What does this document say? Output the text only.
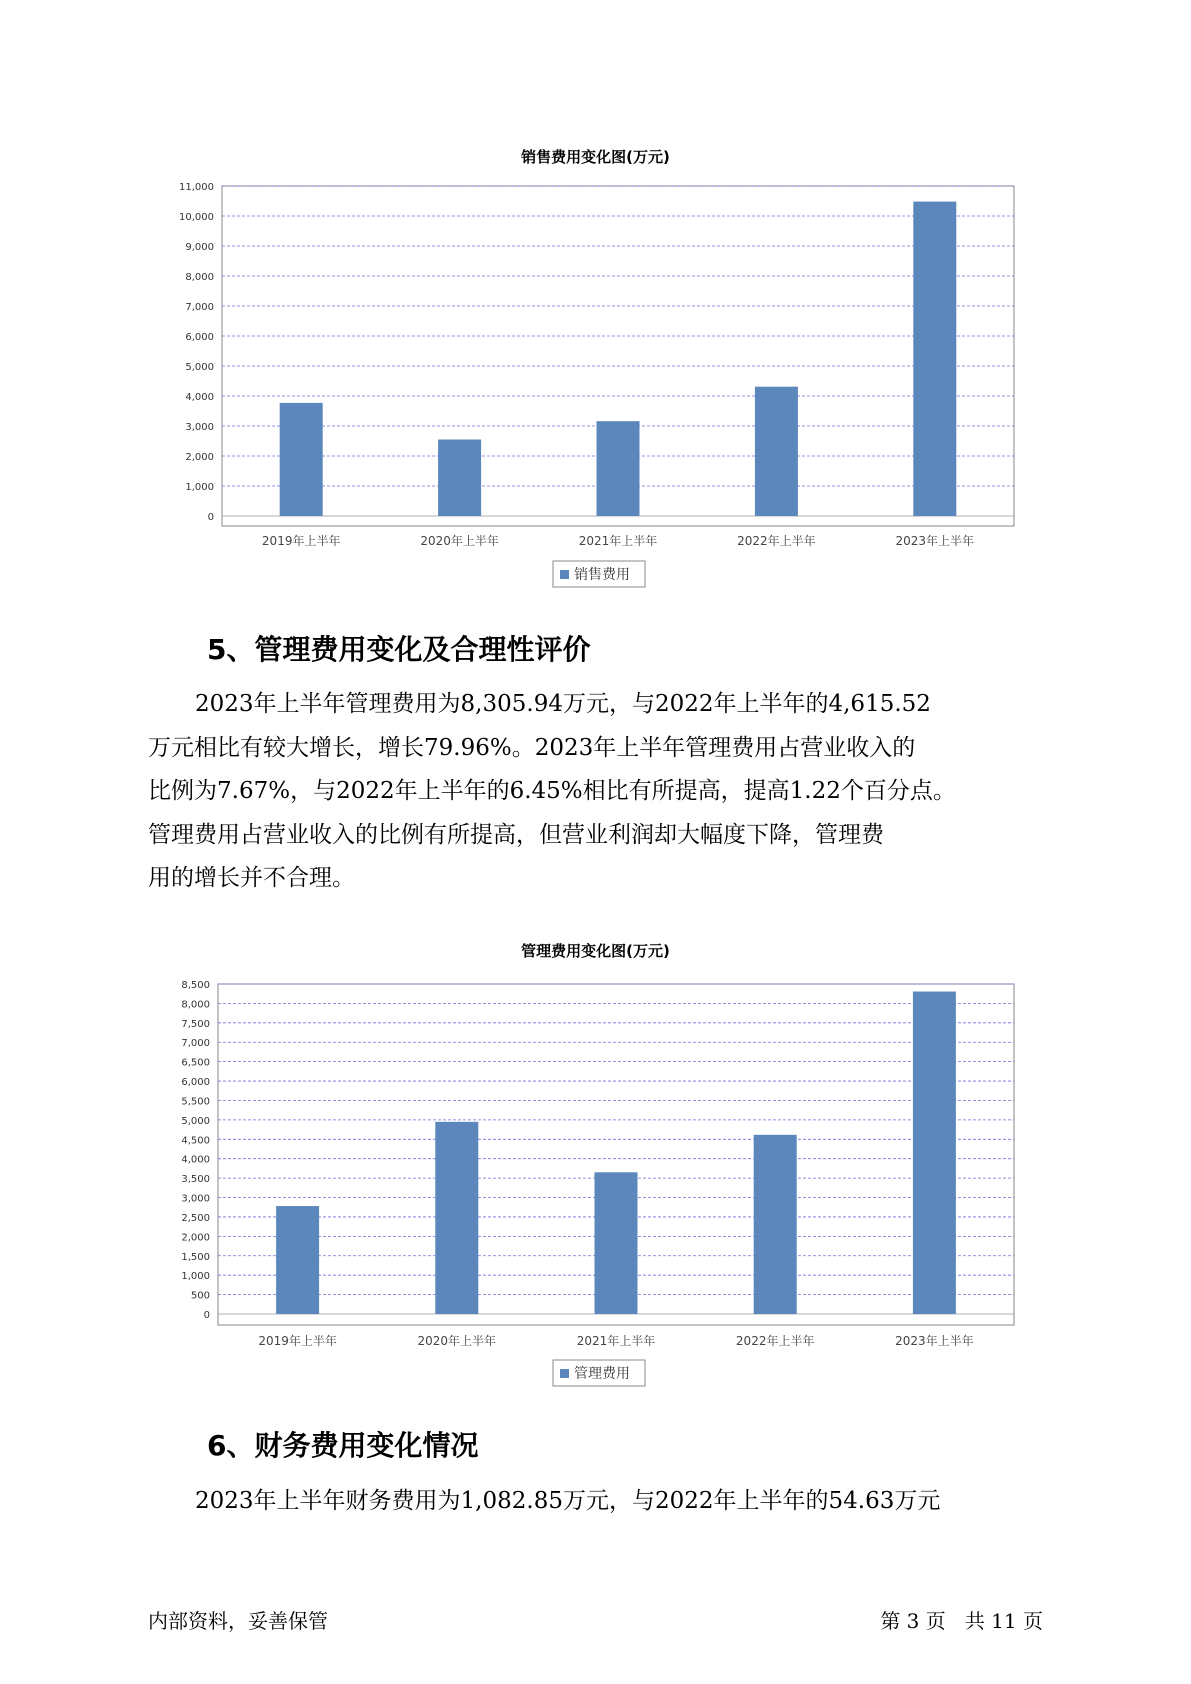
销售费用变化图(万元)
0
1,000
2,000
3,000
4,000
5,000
6,000
7,000
8,000
9,000
10,000
11,000
2019年上半年	2020年上半年	2021年上半年	2022年上半年	2023年上半年
销售费用
5、管理费用变化及合理性评价
2023年上半年管理费用为8,305.94万元，与2022年上半年的4,615.52
万元相比有较大增长，增长79.96%。2023年上半年管理费用占营业收入的
比例为7.67%，与2022年上半年的6.45%相比有所提高，提高1.22个百分点。
管理费用占营业收入的比例有所提高，但营业利润却大幅度下降，管理费
用的增长并不合理。
管理费用变化图(万元)
0
500
1,000
1,500
2,000
2,500
3,000
3,500
4,000
4,500
5,000
5,500
6,000
6,500
7,000
7,500
8,000
8,500
2019年上半年	2020年上半年	2021年上半年	2022年上半年	2023年上半年
管理费用
6、财务费用变化情况
2023年上半年财务费用为1,082.85万元，与2022年上半年的54.63万元
内部资料，妥善保管	第 3 页   共 11 页
